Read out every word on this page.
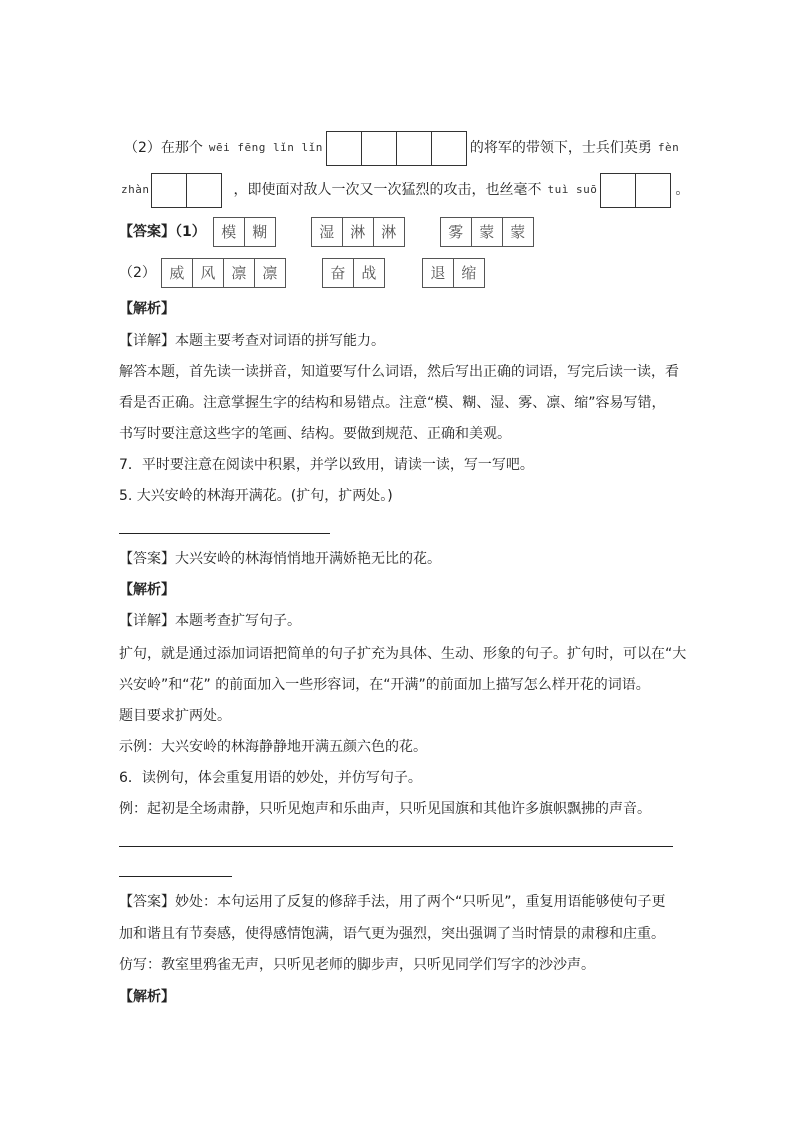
（2）在那个 wēi fēng lǐn lǐn	的将军的带领下，士兵们英勇 fèn
zhàn	，即使面对敌人一次又一次猛烈的攻击，也丝毫不 tuì suō	。
【答案】（1）	模	糊	湿	淋	淋	雾	蒙	蒙
（2） 威	风	凛	凛	奋	战	退	缩
【解析】
【详解】本题主要考查对词语的拼写能力。
解答本题，首先读一读拼音，知道要写什么词语，然后写出正确的词语，写完后读一读，看
看是否正确。注意掌握生字的结构和易错点。注意“模、糊、湿、雾、凛、缩”容易写错，
书写时要注意这些字的笔画、结构。要做到规范、正确和美观。
7．平时要注意在阅读中积累，并学以致用，请读一读，写一写吧。
5. 大兴安岭的林海开满花。(扩句，扩两处。)
【答案】大兴安岭的林海悄悄地开满娇艳无比的花。
【解析】
【详解】本题考查扩写句子。
扩句，就是通过添加词语把简单的句子扩充为具体、生动、形象的句子。扩句时，可以在“大
兴安岭”和“花” 的前面加入一些形容词，在“开满”的前面加上描写怎么样开花的词语。
题目要求扩两处。
示例：大兴安岭的林海静静地开满五颜六色的花。
6．读例句，体会重复用语的妙处，并仿写句子。
例：起初是全场肃静，只听见炮声和乐曲声，只听见国旗和其他许多旗帜飘拂的声音。
【答案】妙处：本句运用了反复的修辞手法，用了两个“只听见”，重复用语能够使句子更
加和谐且有节奏感，使得感情饱满，语气更为强烈，突出强调了当时情景的肃穆和庄重。
仿写：教室里鸦雀无声，只听见老师的脚步声，只听见同学们写字的沙沙声。
【解析】
